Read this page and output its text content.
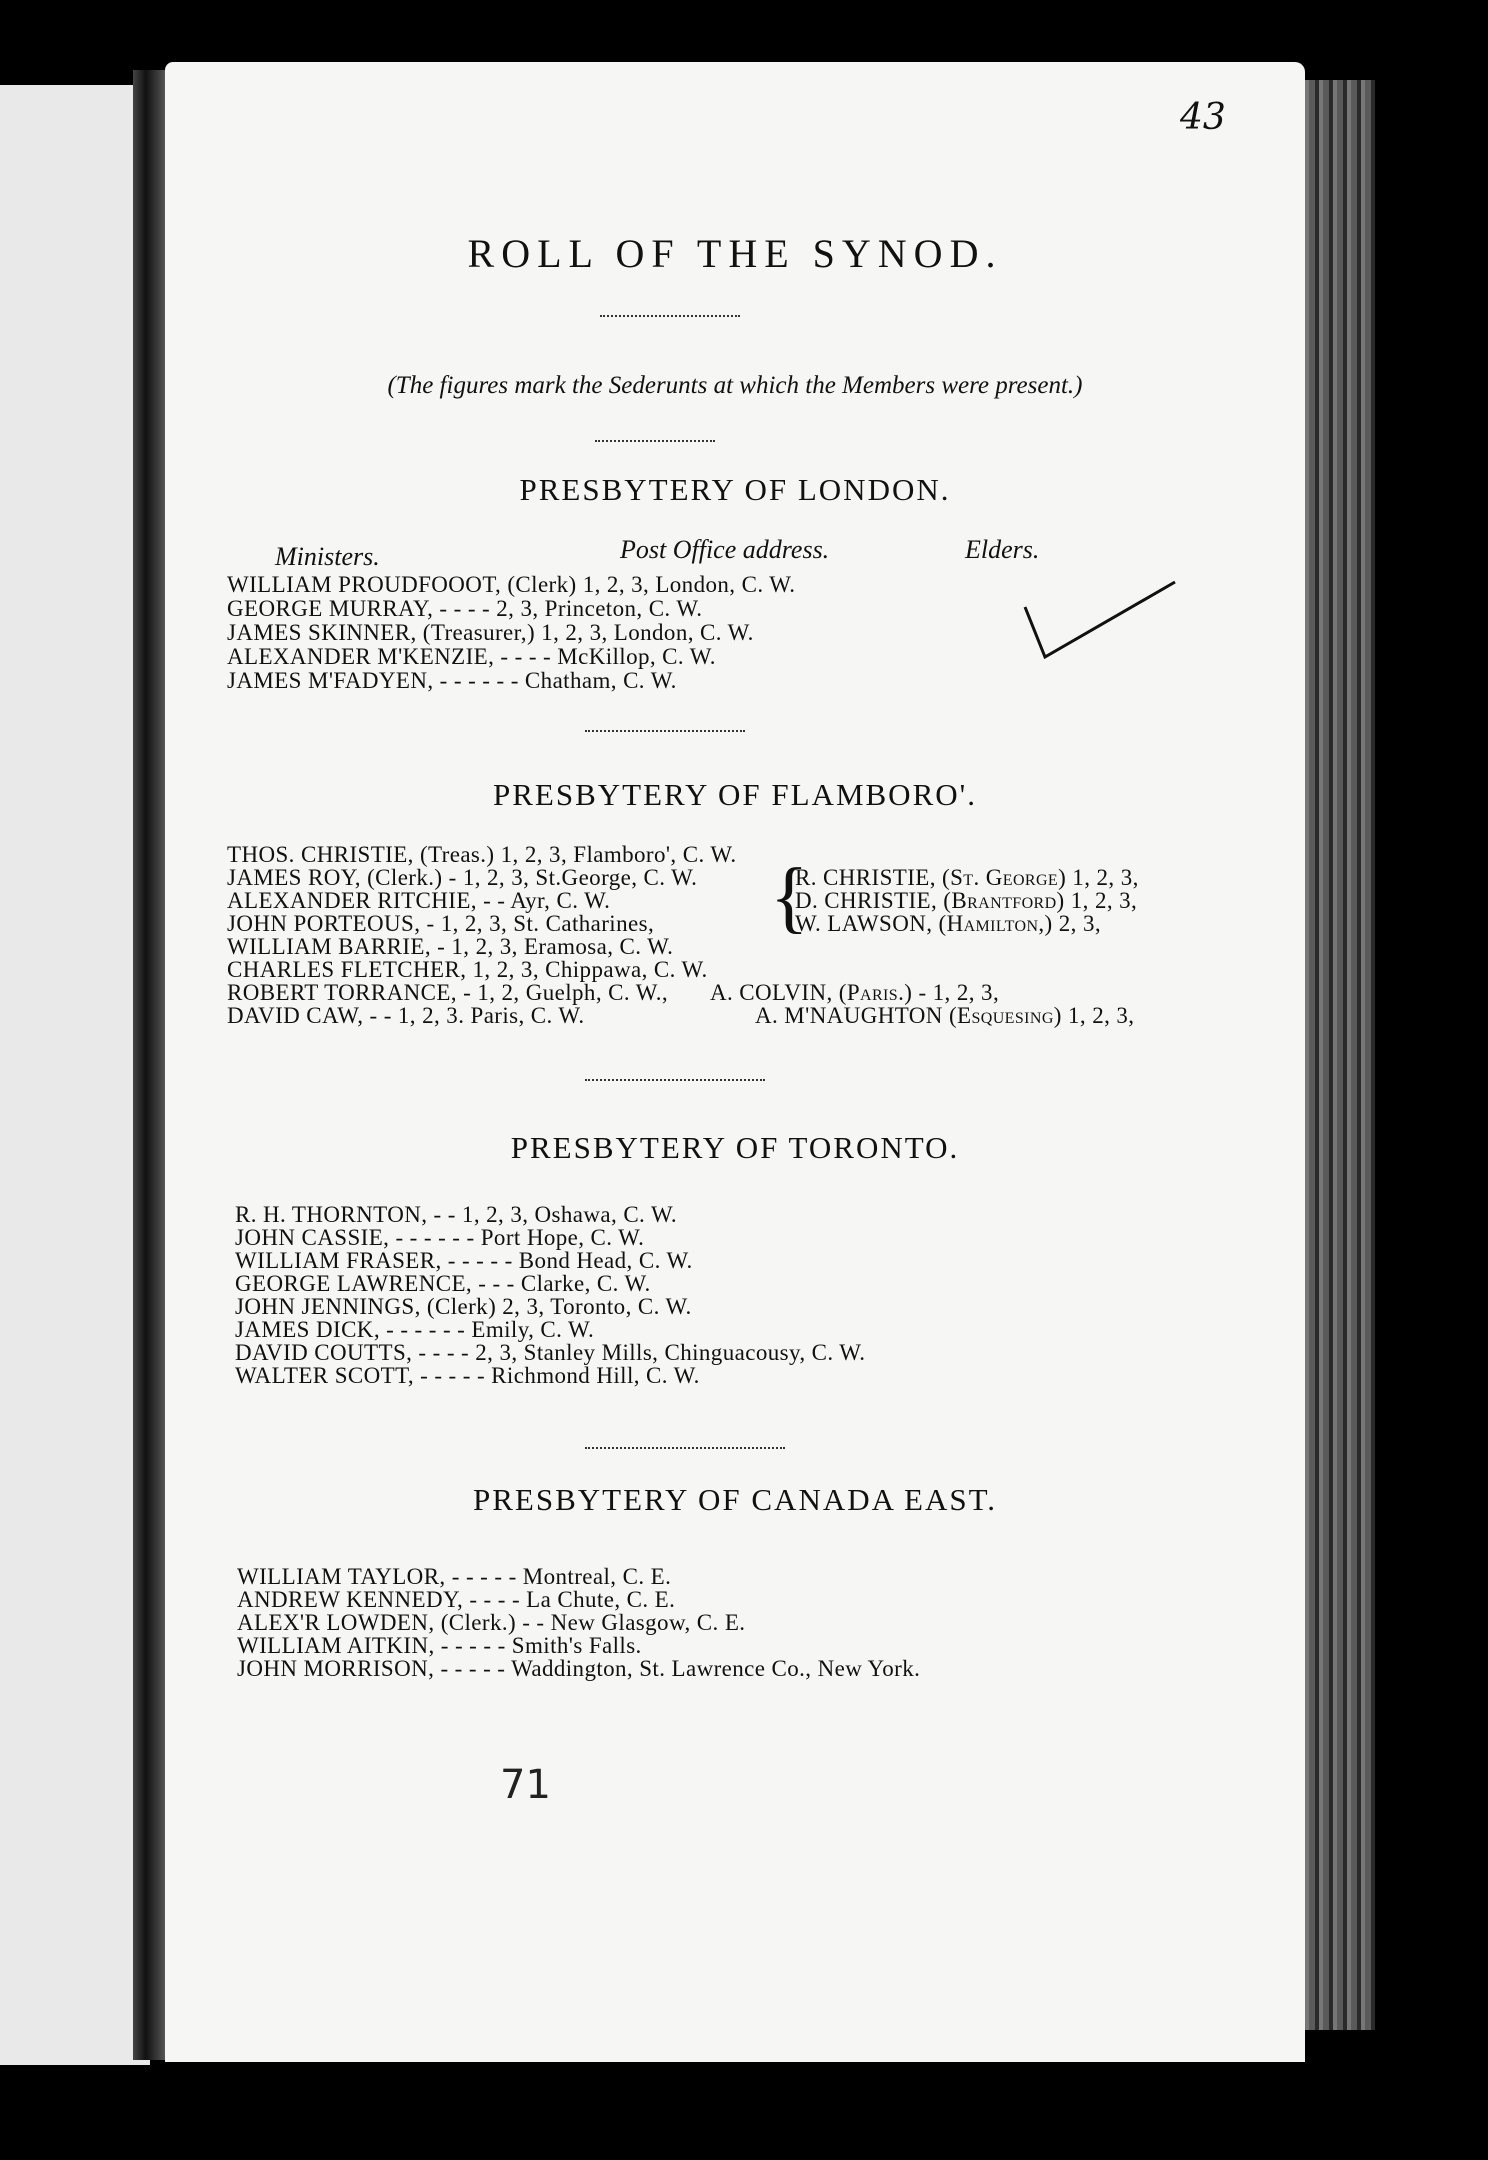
43
ROLL OF THE SYNOD.
(The figures mark the Sederunts at which the Members were present.)
PRESBYTERY OF LONDON.
Ministers.	Post Office address.	Elders.
WILLIAM PROUDFOOOT, (Clerk) 1, 2, 3, London, C. W.
GEORGE MURRAY, - - - - 2, 3, Princeton, C. W.
JAMES SKINNER, (Treasurer,) 1, 2, 3, London, C. W.
ALEXANDER M'KENZIE, - - - - McKillop, C. W.
JAMES M'FADYEN, - - - - - - Chatham, C. W.
PRESBYTERY OF FLAMBORO'.
THOS. CHRISTIE, (Treas.) 1, 2, 3, Flamboro', C. W.
JAMES ROY, (Clerk.) - 1, 2, 3, St.George, C. W.
ALEXANDER RITCHIE, - - Ayr, C. W.
JOHN PORTEOUS, - 1, 2, 3, St. Catharines,
WILLIAM BARRIE, - 1, 2, 3, Eramosa, C. W.
CHARLES FLETCHER, 1, 2, 3, Chippawa, C. W.
ROBERT TORRANCE, - 1, 2, Guelph, C. W.,
DAVID CAW, - - 1, 2, 3. Paris, C. W.
{
R. CHRISTIE, (St. George) 1, 2, 3,
D. CHRISTIE, (Brantford) 1, 2, 3,
W. LAWSON, (Hamilton,) 2, 3,
A. COLVIN, (Paris.) - 1, 2, 3,
A. M'NAUGHTON (Esquesing) 1, 2, 3,
PRESBYTERY OF TORONTO.
R. H. THORNTON, - - 1, 2, 3, Oshawa, C. W.
JOHN CASSIE, - - - - - - Port Hope, C. W.
WILLIAM FRASER, - - - - - Bond Head, C. W.
GEORGE LAWRENCE, - - - Clarke, C. W.
JOHN JENNINGS, (Clerk) 2, 3, Toronto, C. W.
JAMES DICK, - - - - - - Emily, C. W.
DAVID COUTTS, - - - - 2, 3, Stanley Mills, Chinguacousy, C. W.
WALTER SCOTT, - - - - - Richmond Hill, C. W.
PRESBYTERY OF CANADA EAST.
WILLIAM TAYLOR, - - - - - Montreal, C. E.
ANDREW KENNEDY, - - - - La Chute, C. E.
ALEX'R LOWDEN, (Clerk.) - - New Glasgow, C. E.
WILLIAM AITKIN, - - - - - Smith's Falls.
JOHN MORRISON, - - - - - Waddington, St. Lawrence Co., New York.
71
